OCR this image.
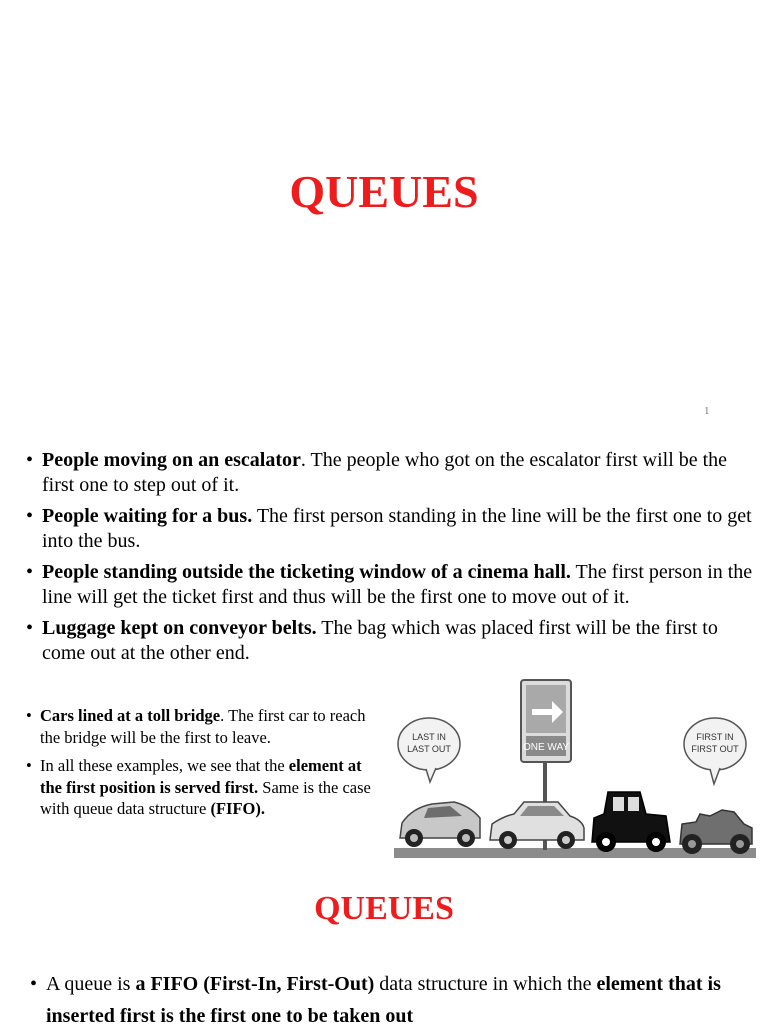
QUEUES
1
• People moving on an escalator. The people who got on the escalator first will be the first one to step out of it.
• People waiting for a bus. The first person standing in the line will be the first one to get into the bus.
• People standing outside the ticketing window of a cinema hall. The first person in the line will get the ticket first and thus will be the first one to move out of it.
• Luggage kept on conveyor belts. The bag which was placed first will be the first to come out at the other end.
• Cars lined at a toll bridge. The first car to reach the bridge will be the first to leave.
• In all these examples, we see that the element at the first position is served first. Same is the case with queue data structure (FIFO).
ONE WAY
LAST IN
LAST OUT
FIRST IN
FIRST OUT
QUEUES
• A queue is a FIFO (First-In, First-Out) data structure in which the element that is inserted first is the first one to be taken out
